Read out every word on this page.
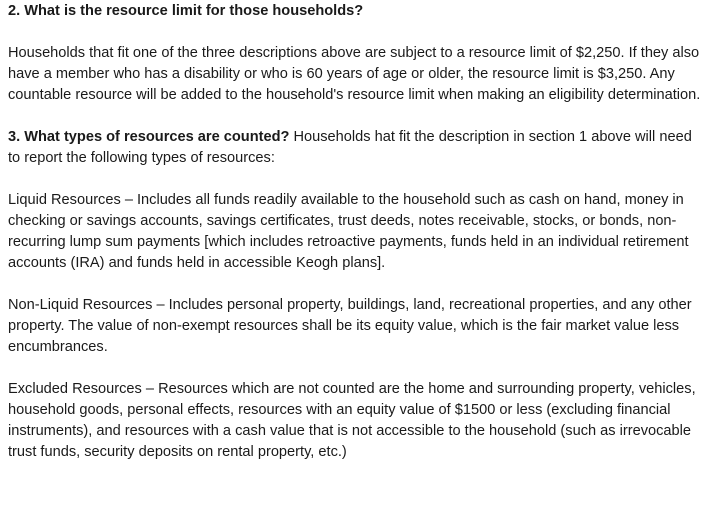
2. What is the resource limit for those households?

Households that fit one of the three descriptions above are subject to a resource limit of $2,250. If they also have a member who has a disability or who is 60 years of age or older, the resource limit is $3,250. Any countable resource will be added to the household's resource limit when making an eligibility determination.

3. What types of resources are counted? Households hat fit the description in section 1 above will need to report the following types of resources:

Liquid Resources – Includes all funds readily available to the household such as cash on hand, money in checking or savings accounts, savings certificates, trust deeds, notes receivable, stocks, or bonds, non-recurring lump sum payments [which includes retroactive payments, funds held in an individual retirement accounts (IRA) and funds held in accessible Keogh plans].

Non-Liquid Resources – Includes personal property, buildings, land, recreational properties, and any other property. The value of non-exempt resources shall be its equity value, which is the fair market value less encumbrances.

Excluded Resources – Resources which are not counted are the home and surrounding property, vehicles, household goods, personal effects, resources with an equity value of $1500 or less (excluding financial instruments), and resources with a cash value that is not accessible to the household (such as irrevocable trust funds, security deposits on rental property, etc.)
